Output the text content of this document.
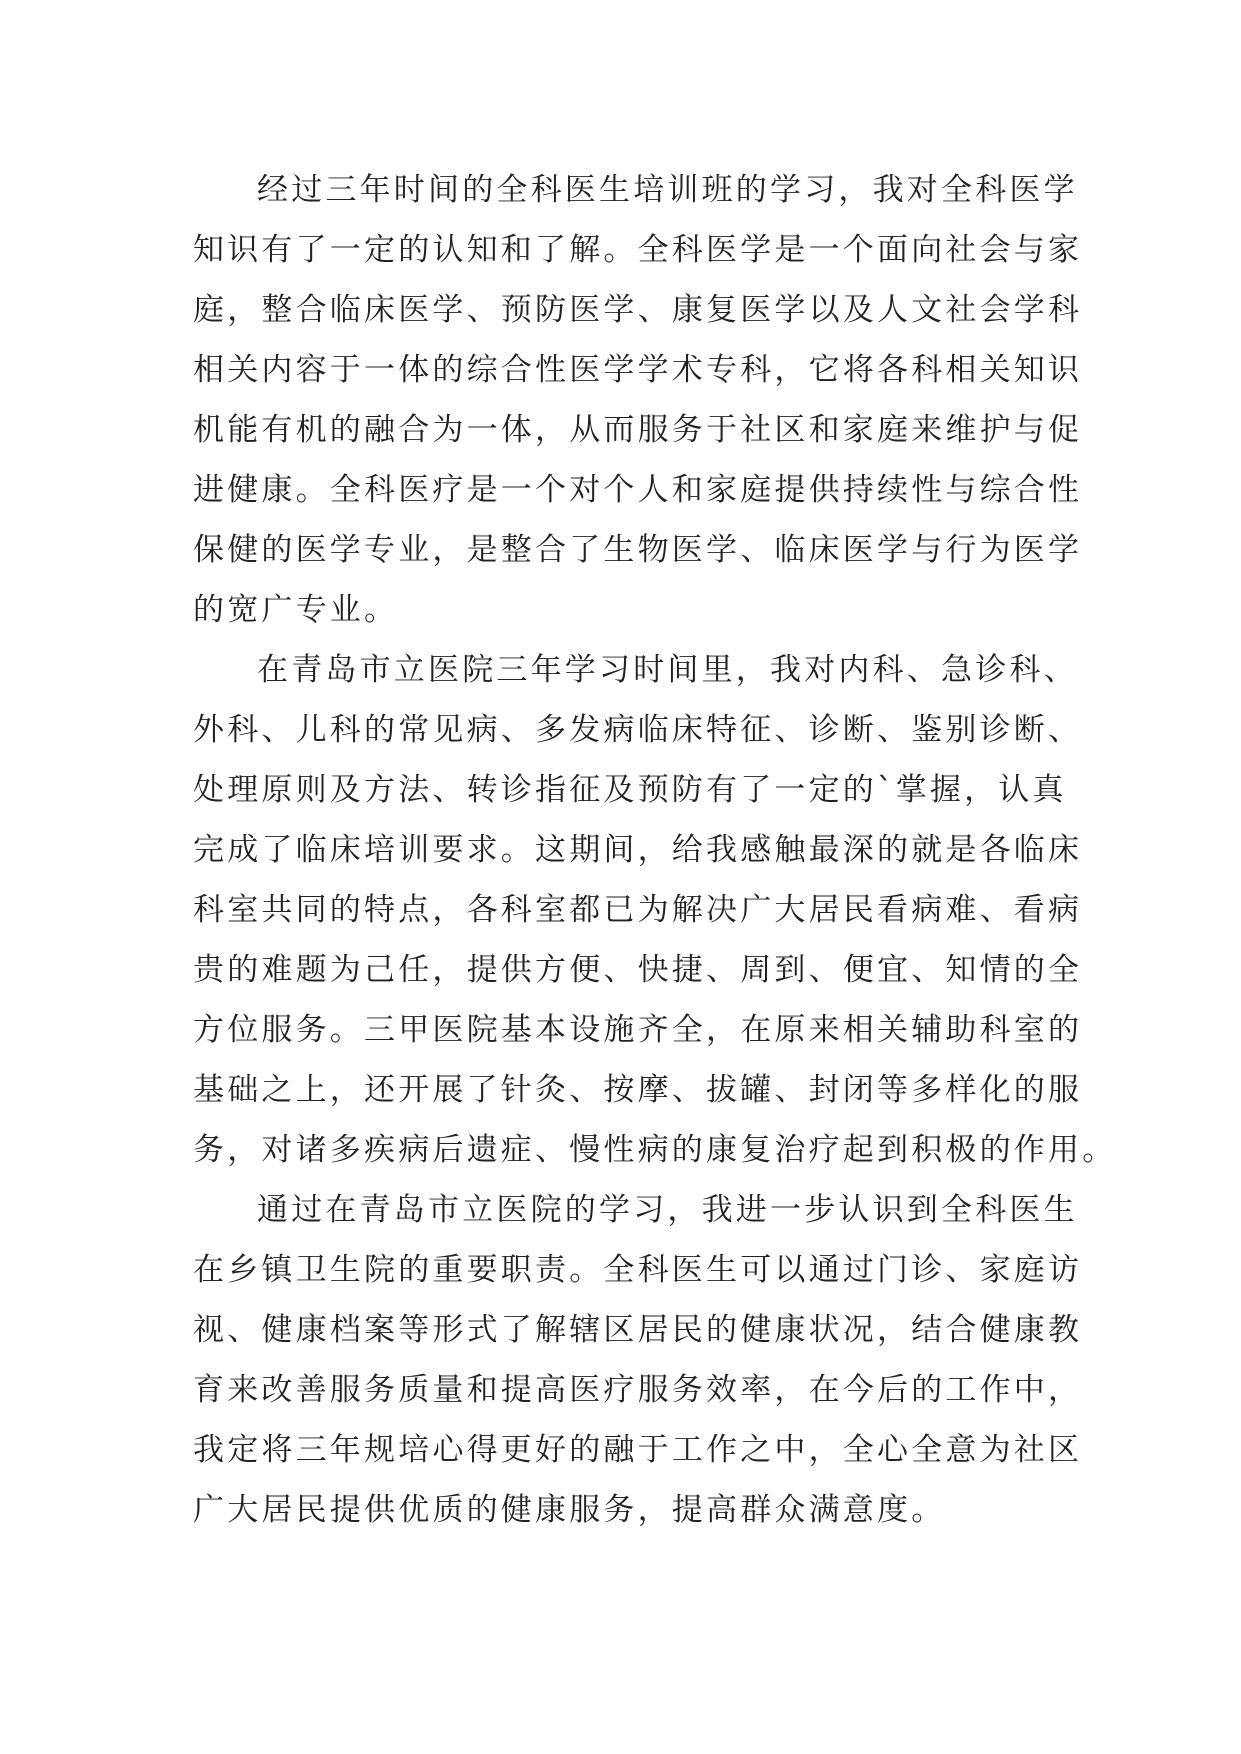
经过三年时间的全科医生培训班的学习，我对全科医学
知识有了一定的认知和了解。全科医学是一个面向社会与家
庭，整合临床医学、预防医学、康复医学以及人文社会学科
相关内容于一体的综合性医学学术专科，它将各科相关知识
机能有机的融合为一体，从而服务于社区和家庭来维护与促
进健康。全科医疗是一个对个人和家庭提供持续性与综合性
保健的医学专业，是整合了生物医学、临床医学与行为医学
的宽广专业。
在青岛市立医院三年学习时间里，我对内科、急诊科、
外科、儿科的常见病、多发病临床特征、诊断、鉴别诊断、
处理原则及方法、转诊指征及预防有了一定的`掌握，认真
完成了临床培训要求。这期间，给我感触最深的就是各临床
科室共同的特点，各科室都已为解决广大居民看病难、看病
贵的难题为己任，提供方便、快捷、周到、便宜、知情的全
方位服务。三甲医院基本设施齐全，在原来相关辅助科室的
基础之上，还开展了针灸、按摩、拔罐、封闭等多样化的服
务，对诸多疾病后遗症、慢性病的康复治疗起到积极的作用。
通过在青岛市立医院的学习，我进一步认识到全科医生
在乡镇卫生院的重要职责。全科医生可以通过门诊、家庭访
视、健康档案等形式了解辖区居民的健康状况，结合健康教
育来改善服务质量和提高医疗服务效率，在今后的工作中，
我定将三年规培心得更好的融于工作之中，全心全意为社区
广大居民提供优质的健康服务，提高群众满意度。
